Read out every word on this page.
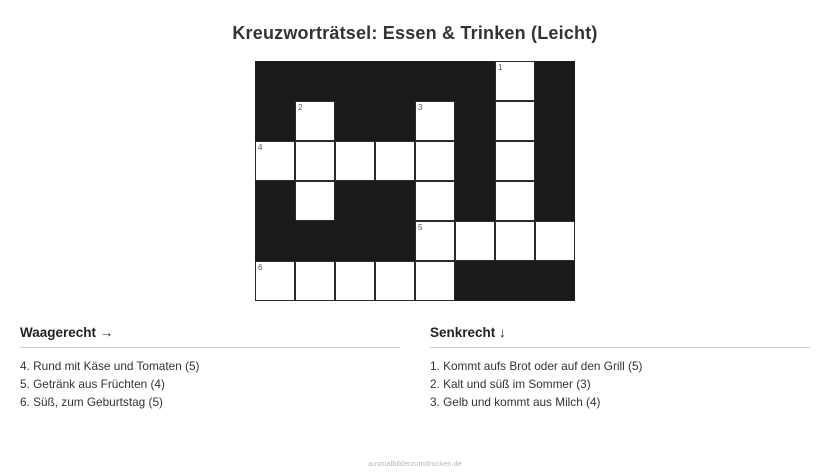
Kreuzworträtsel: Essen & Trinken (Leicht)
1
2	3
4
5
6
Waagerecht →
4. Rund mit Käse und Tomaten (5)
5. Getränk aus Früchten (4)
6. Süß, zum Geburtstag (5)
Senkrecht ↓
1. Kommt aufs Brot oder auf den Grill (5)
2. Kalt und süß im Sommer (3)
3. Gelb und kommt aus Milch (4)
ausmalbilderzumdrucken.de
